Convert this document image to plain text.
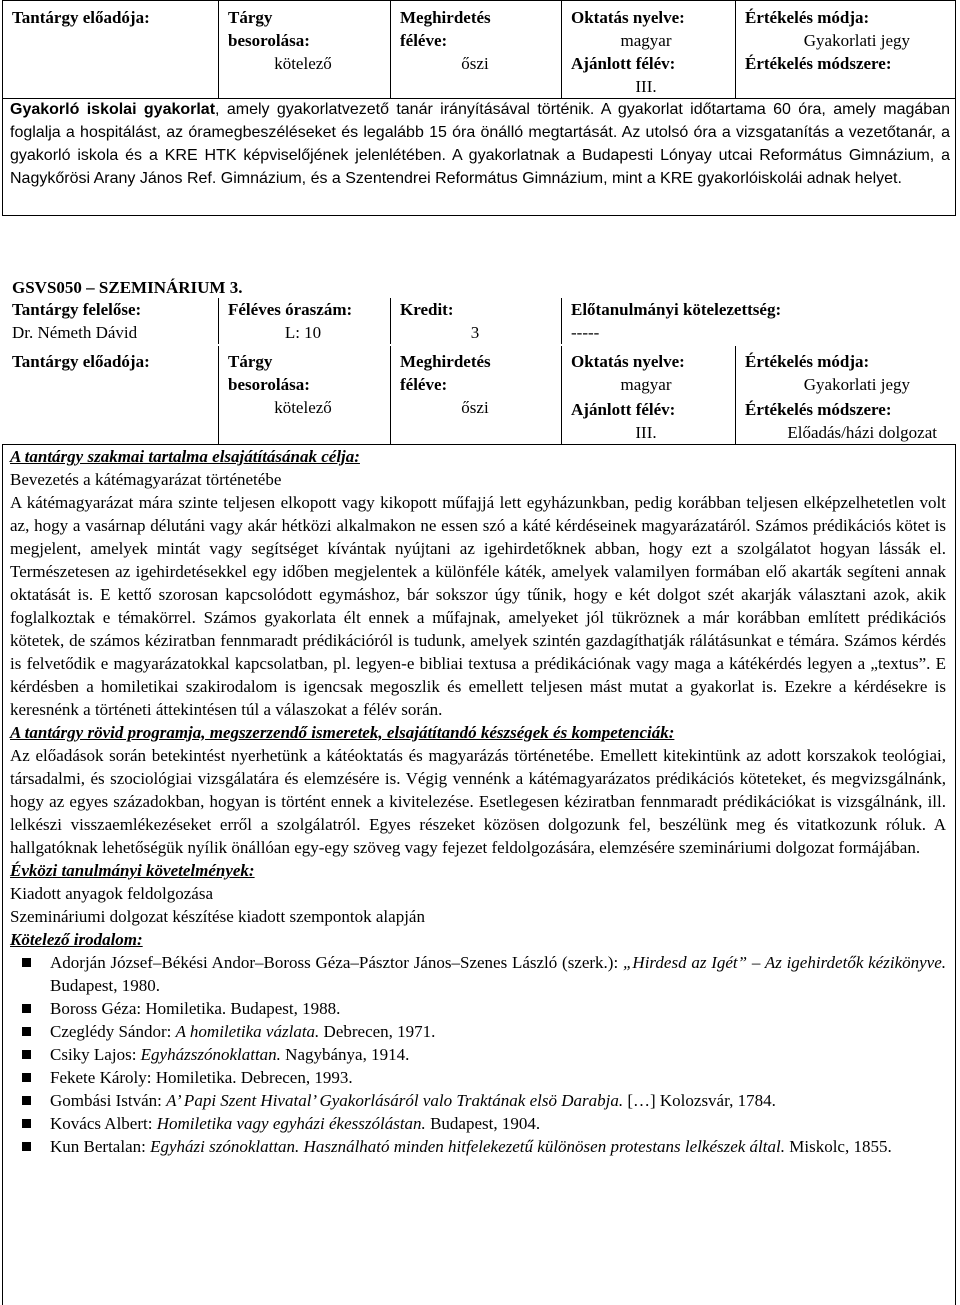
Tantárgy előadója:	Tárgy
besorolása:
kötelező
Meghirdetés
féléve:
őszi
Oktatás nyelve:
magyar
Ajánlott félév:
III.
Értékelés módja:
Gyakorlati jegy
Értékelés módszere:

Gyakorló iskolai gyakorlat, amely gyakorlatvezető tanár irányításával történik. A gyakorlat időtartama 60 óra, amely magában foglalja a hospitálást, az óramegbeszéléseket és legalább 15 óra önálló megtartását. Az utolsó óra a vizsgatanítás a vezetőtanár, a gyakorló iskola és a KRE HTK képviselőjének jelenlétében. A gyakorlatnak a Budapesti Lónyay utcai Református Gimnázium, a Nagykőrösi Arany János Ref. Gimnázium, és a Szentendrei Református Gimnázium, mint a KRE gyakorlóiskolái adnak helyet.

GSVS050 – SZEMINÁRIUM 3.
Tantárgy felelőse:
Dr. Németh Dávid
Féléves óraszám:
L: 10
Kredit:
3
Előtanulmányi kötelezettség:
-----
Tantárgy előadója:	Tárgy
besorolása:
kötelező
Meghirdetés
féléve:
őszi
Oktatás nyelve:
magyar
Ajánlott félév:
III.
Értékelés módja:
Gyakorlati jegy
Értékelés módszere:
Előadás/házi dolgozat

A tantárgy szakmai tartalma elsajátításának célja:

Bevezetés a kátémagyarázat történetébe

A kátémagyarázat mára szinte teljesen elkopott vagy kikopott műfajjá lett egyházunkban, pedig korábban teljesen elképzelhetetlen volt az, hogy a vasárnap délutáni vagy akár hétközi alkalmakon ne essen szó a káté kérdéseinek magyarázatáról. Számos prédikációs kötet is megjelent, amelyek mintát vagy segítséget kívántak nyújtani az igehirdetőknek abban, hogy ezt a szolgálatot hogyan lássák el. Természetesen az igehirdetésekkel egy időben megjelentek a különféle káték, amelyek valamilyen formában elő akarták segíteni annak oktatását is. E kettő szorosan kapcsolódott egymáshoz, bár sokszor úgy tűnik, hogy e két dolgot szét akarják választani azok, akik foglalkoztak e témakörrel. Számos gyakorlata élt ennek a műfajnak, amelyeket jól tükröznek a már korábban említett prédikációs kötetek, de számos kéziratban fennmaradt prédikációról is tudunk, amelyek szintén gazdagíthatják rálátásunkat e témára. Számos kérdés is felvetődik e magyarázatokkal kapcsolatban, pl. legyen-e bibliai textusa a prédikációnak vagy maga a kátékérdés legyen a „textus”. E kérdésben a homiletikai szakirodalom is igencsak megoszlik és emellett teljesen mást mutat a gyakorlat is. Ezekre a kérdésekre is keresnénk a történeti áttekintésen túl a válaszokat a félév során.

A tantárgy rövid programja, megszerzendő ismeretek, elsajátítandó készségek és kompetenciák:

Az előadások során betekintést nyerhetünk a kátéoktatás és magyarázás történetébe. Emellett kitekintünk az adott korszakok teológiai, társadalmi, és szociológiai vizsgálatára és elemzésére is. Végig vennénk a kátémagyarázatos prédikációs köteteket, és megvizsgálnánk, hogy az egyes századokban, hogyan is történt ennek a kivitelezése. Esetlegesen kéziratban fennmaradt prédikációkat is vizsgálnánk, ill. lelkészi visszaemlékezéseket erről a szolgálatról. Egyes részeket közösen dolgozunk fel, beszélünk meg és vitatkozunk róluk. A hallgatóknak lehetőségük nyílik önállóan egy-egy szöveg vagy fejezet feldolgozására, elemzésére szemináriumi dolgozat formájában.

Évközi tanulmányi követelmények:

Kiadott anyagok feldolgozása

Szemináriumi dolgozat készítése kiadott szempontok alapján

Kötelező irodalom:

Adorján József–Békési Andor–Boross Géza–Pásztor János–Szenes László (szerk.): „Hirdesd az Igét” – Az igehirdetők kézikönyve. Budapest, 1980.
Boross Géza: Homiletika. Budapest, 1988.
Czeglédy Sándor: A homiletika vázlata. Debrecen, 1971.
Csiky Lajos: Egyházszónoklattan. Nagybánya, 1914.
Fekete Károly: Homiletika. Debrecen, 1993.
Gombási István: A’ Papi Szent Hivatal’ Gyakorlásáról valo Traktának elsö Darabja. […] Kolozsvár, 1784.
Kovács Albert: Homiletika vagy egyházi ékesszólástan. Budapest, 1904.
Kun Bertalan: Egyházi szónoklattan. Használható minden hitfelekezetű különösen protestans lelkészek által. Miskolc, 1855.
